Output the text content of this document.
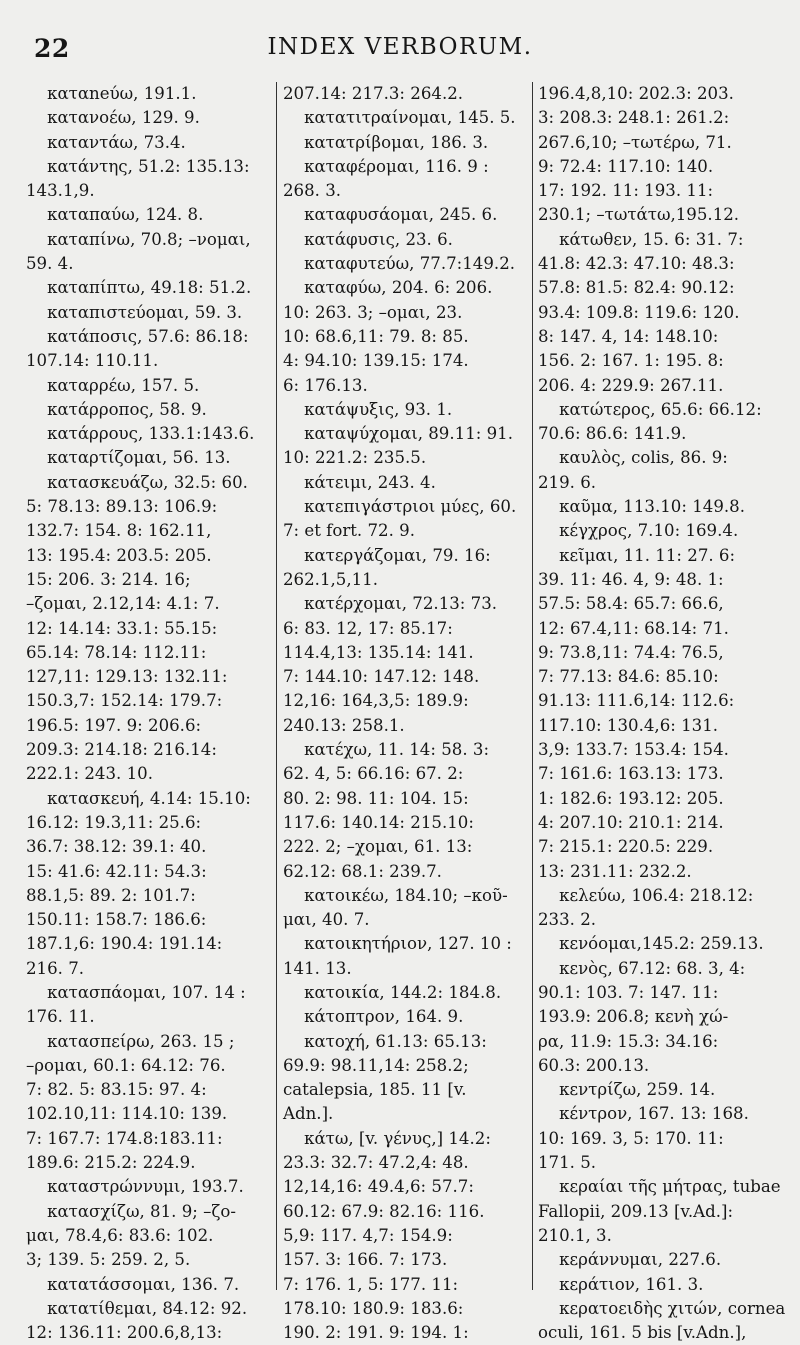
22	INDEX VERBORUM.
καταneύω, 191.1.
κατανοέω, 129. 9.
καταντάω, 73.4.
κατάντης, 51.2: 135.13:
143.1,9.
καταπαύω, 124. 8.
καταπίνω, 70.8; –νομαι,
59. 4.
καταπίπτω, 49.18: 51.2.
καταπιστεύομαι, 59. 3.
κατάποσις, 57.6: 86.18:
107.14: 110.11.
καταρρέω, 157. 5.
κατάρροπος, 58. 9.
κατάρρους, 133.1:143.6.
καταρτίζομαι, 56. 13.
κατασκευάζω, 32.5: 60.
5: 78.13: 89.13: 106.9:
132.7: 154. 8: 162.11,
13: 195.4: 203.5: 205.
15: 206. 3: 214. 16;
–ζομαι, 2.12,14: 4.1: 7.
12: 14.14: 33.1: 55.15:
65.14: 78.14: 112.11:
127,11: 129.13: 132.11:
150.3,7: 152.14: 179.7:
196.5: 197. 9: 206.6:
209.3: 214.18: 216.14:
222.1: 243. 10.
κατασκευή, 4.14: 15.10:
16.12: 19.3,11: 25.6:
36.7: 38.12: 39.1: 40.
15: 41.6: 42.11: 54.3:
88.1,5: 89. 2: 101.7:
150.11: 158.7: 186.6:
187.1,6: 190.4: 191.14:
216. 7.
κατασπάομαι, 107. 14 :
176. 11.
κατασπείρω, 263. 15 ;
–ρομαι, 60.1: 64.12: 76.
7: 82. 5: 83.15: 97. 4:
102.10,11: 114.10: 139.
7: 167.7: 174.8:183.11:
189.6: 215.2: 224.9.
καταστρώννυμι, 193.7.
κατασχίζω, 81. 9; –ζο-
μαι, 78.4,6: 83.6: 102.
3; 139. 5: 259. 2, 5.
κατατάσσομαι, 136. 7.
κατατίθεμαι, 84.12: 92.
12: 136.11: 200.6,8,13:
207.14: 217.3: 264.2.
κατατιτραίνομαι, 145. 5.
κατατρίβομαι, 186. 3.
καταφέρομαι, 116. 9 :
268. 3.
καταφυσάομαι, 245. 6.
κατάφυσις, 23. 6.
καταφυτεύω, 77.7:149.2.
καταφύω, 204. 6: 206.
10: 263. 3; –ομαι, 23.
10: 68.6,11: 79. 8: 85.
4: 94.10: 139.15: 174.
6: 176.13.
κατάψυξις, 93. 1.
καταψύχομαι, 89.11: 91.
10: 221.2: 235.5.
κάτειμι, 243. 4.
κατεπιγάστριοι μύες, 60.
7: et fort. 72. 9.
κατεργάζομαι, 79. 16:
262.1,5,11.
κατέρχομαι, 72.13: 73.
6: 83. 12, 17: 85.17:
114.4,13: 135.14: 141.
7: 144.10: 147.12: 148.
12,16: 164,3,5: 189.9:
240.13: 258.1.
κατέχω, 11. 14: 58. 3:
62. 4, 5: 66.16: 67. 2:
80. 2: 98. 11: 104. 15:
117.6: 140.14: 215.10:
222. 2; –χομαι, 61. 13:
62.12: 68.1: 239.7.
κατοικέω, 184.10; –κοῦ-
μαι, 40. 7.
κατοικητήριον, 127. 10 :
141. 13.
κατοικία, 144.2: 184.8.
κάτοπτρον, 164. 9.
κατοχή, 61.13: 65.13:
69.9: 98.11,14: 258.2;
catalepsia, 185. 11 [v.
Adn.].
κάτω, [v. γένυς,] 14.2:
23.3: 32.7: 47.2,4: 48.
12,14,16: 49.4,6: 57.7:
60.12: 67.9: 82.16: 116.
5,9: 117. 4,7: 154.9:
157. 3: 166. 7: 173.
7: 176. 1, 5: 177. 11:
178.10: 180.9: 183.6:
190. 2: 191. 9: 194. 1:
196.4,8,10: 202.3: 203.
3: 208.3: 248.1: 261.2:
267.6,10; –τωτέρω, 71.
9: 72.4: 117.10: 140.
17: 192. 11: 193. 11:
230.1; –τωτάτω,195.12.
κάτωθεν, 15. 6: 31. 7:
41.8: 42.3: 47.10: 48.3:
57.8: 81.5: 82.4: 90.12:
93.4: 109.8: 119.6: 120.
8: 147. 4, 14: 148.10:
156. 2: 167. 1: 195. 8:
206. 4: 229.9: 267.11.
κατώτερος, 65.6: 66.12:
70.6: 86.6: 141.9.
καυλὸς, colis, 86. 9:
219. 6.
καῦμα, 113.10: 149.8.
κέγχρος, 7.10: 169.4.
κεῖμαι, 11. 11: 27. 6:
39. 11: 46. 4, 9: 48. 1:
57.5: 58.4: 65.7: 66.6,
12: 67.4,11: 68.14: 71.
9: 73.8,11: 74.4: 76.5,
7: 77.13: 84.6: 85.10:
91.13: 111.6,14: 112.6:
117.10: 130.4,6: 131.
3,9: 133.7: 153.4: 154.
7: 161.6: 163.13: 173.
1: 182.6: 193.12: 205.
4: 207.10: 210.1: 214.
7: 215.1: 220.5: 229.
13: 231.11: 232.2.
κελεύω, 106.4: 218.12:
233. 2.
κενόομαι,145.2: 259.13.
κενὸς, 67.12: 68. 3, 4:
90.1: 103. 7: 147. 11:
193.9: 206.8; κενὴ χώ-
ρα, 11.9: 15.3: 34.16:
60.3: 200.13.
κεντρίζω, 259. 14.
κέντρον, 167. 13: 168.
10: 169. 3, 5: 170. 11:
171. 5.
κεραίαι τῆς μήτρας, tubae
Fallopii, 209.13 [v.Ad.]:
210.1, 3.
κεράννυμαι, 227.6.
κεράτιον, 161. 3.
κερατοειδὴς χιτών, cornea
oculi, 161. 5 bis [v.Adn.],
